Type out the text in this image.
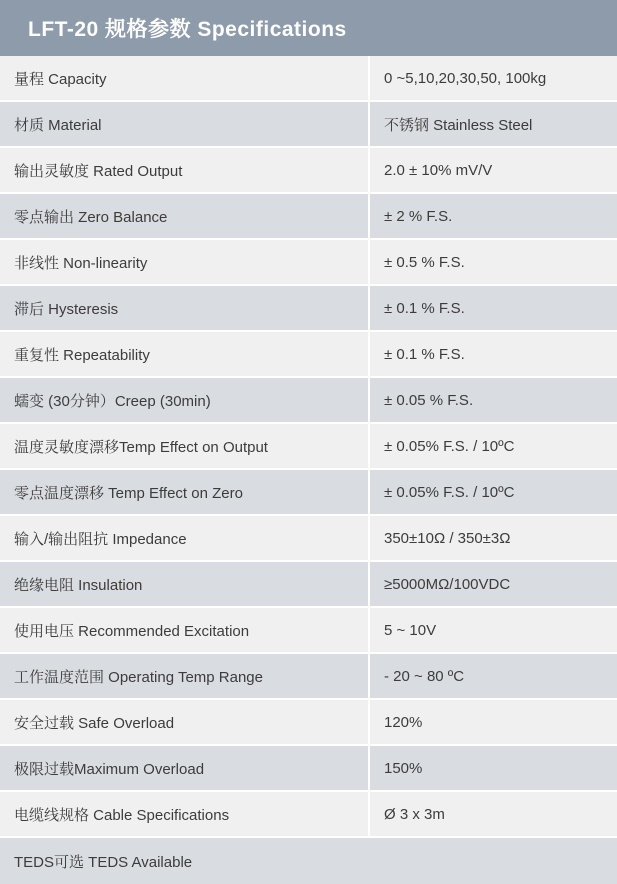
LFT-20 规格参数 Specifications
量程 Capacity	0 ~5,10,20,30,50, 100kg
材质 Material	不锈钢 Stainless Steel
输出灵敏度 Rated Output	2.0 ± 10% mV/V
零点输出 Zero Balance	± 2 % F.S.
非线性 Non-linearity	± 0.5 % F.S.
滞后 Hysteresis	± 0.1 % F.S.
重复性 Repeatability	± 0.1 % F.S.
蠕变 (30分钟）Creep (30min)	± 0.05 % F.S.
温度灵敏度漂移Temp Effect on Output	± 0.05% F.S. / 10ºC
零点温度漂移 Temp Effect on Zero	± 0.05% F.S. / 10ºC
输入/输出阻抗 Impedance	350±10Ω / 350±3Ω
绝缘电阻 Insulation	≥5000MΩ/100VDC
使用电压 Recommended Excitation	5 ~ 10V
工作温度范围 Operating Temp Range	- 20 ~ 80 ºC
安全过载 Safe Overload	120%
极限过载Maximum Overload	150%
电缆线规格 Cable Specifications	Ø 3 x 3m
TEDS可选 TEDS Available
